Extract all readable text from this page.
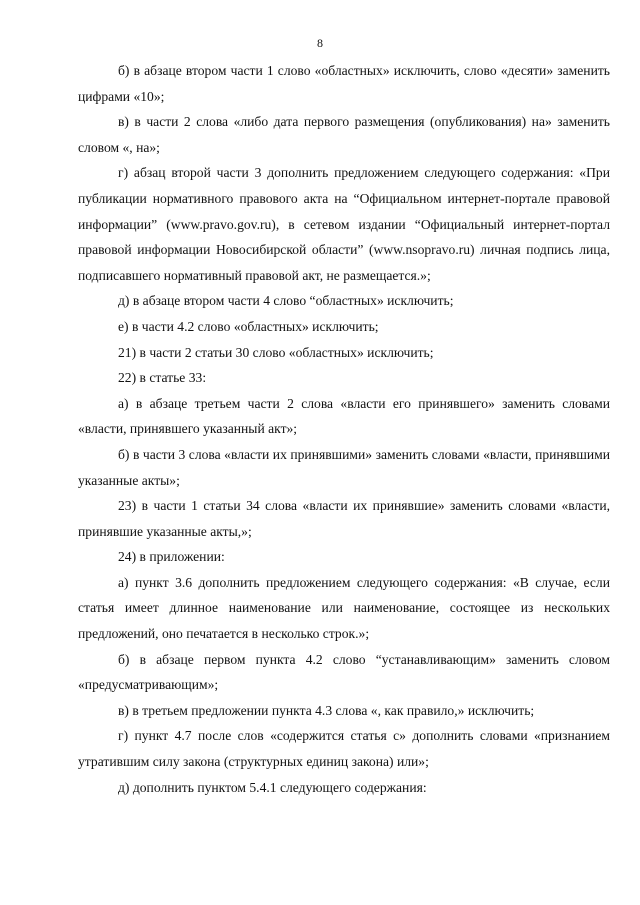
8

б) в абзаце втором части 1 слово «областных» исключить, слово «десяти» заменить цифрами «10»;

в) в части 2 слова «либо дата первого размещения (опубликования) на» заменить словом «, на»;

г) абзац второй части 3 дополнить предложением следующего содержания: «При публикации нормативного правового акта на “Официальном интернет-портале правовой информации” (www.pravo.gov.ru), в сетевом издании “Официальный интернет-портал правовой информации Новосибирской области” (www.nsopravo.ru) личная подпись лица, подписавшего нормативный правовой акт, не размещается.»;

д) в абзаце втором части 4 слово “областных» исключить;

е) в части 4.2 слово «областных» исключить;

21) в части 2 статьи 30 слово «областных» исключить;

22) в статье 33:

а) в абзаце третьем части 2 слова «власти его принявшего» заменить словами «власти, принявшего указанный акт»;

б) в части 3 слова «власти их принявшими» заменить словами «власти, принявшими указанные акты»;

23) в части 1 статьи 34 слова «власти их принявшие» заменить словами «власти, принявшие указанные акты,»;

24) в приложении:

а) пункт 3.6 дополнить предложением следующего содержания: «В случае, если статья имеет длинное наименование или наименование, состоящее из нескольких предложений, оно печатается в несколько строк.»;

б) в абзаце первом пункта 4.2 слово “устанавливающим» заменить словом «предусматривающим»;

в) в третьем предложении пункта 4.3 слова «, как правило,» исключить;

г) пункт 4.7 после слов «содержится статья с» дополнить словами «признанием утратившим силу закона (структурных единиц закона) или»;

д) дополнить пунктом 5.4.1 следующего содержания:
